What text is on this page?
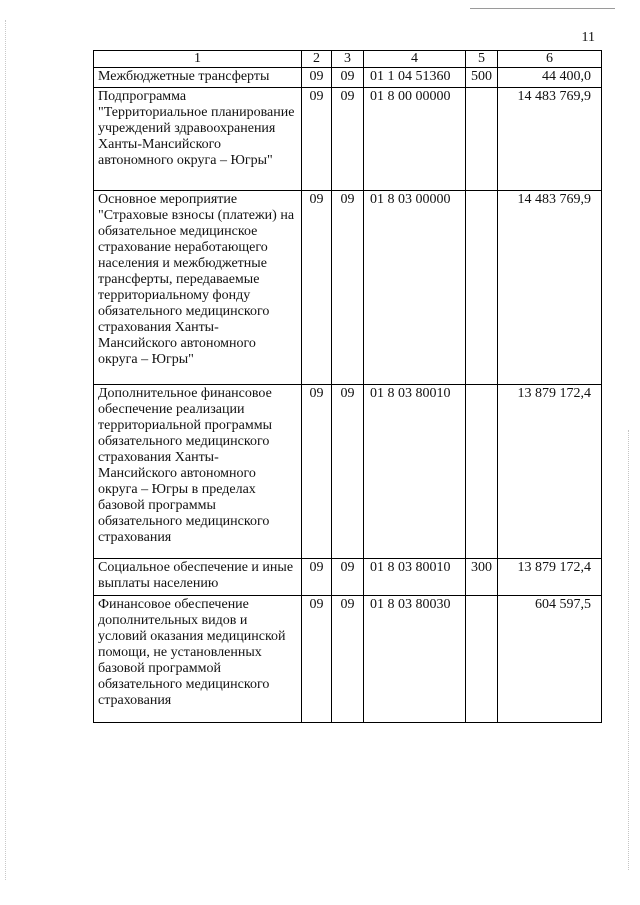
11
1	2	3	4	5	6
Межбюджетные трансферты	09	09	01 1 04 51360	500	44 400,0
Подпрограмма "Территориальное планирование учреждений здравоохранения Ханты-Мансийского автономного округа – Югры"	09	09	01 8 00 00000		14 483 769,9
Основное мероприятие "Страховые взносы (платежи) на обязательное медицинское страхование неработающего населения и межбюджетные трансферты, передаваемые территориальному фонду обязательного медицинского страхования Ханты-Мансийского автономного округа – Югры"	09	09	01 8 03 00000		14 483 769,9
Дополнительное финансовое обеспечение реализации территориальной программы обязательного медицинского страхования Ханты-Мансийского автономного округа – Югры в пределах базовой программы обязательного медицинского страхования	09	09	01 8 03 80010		13 879 172,4
Социальное обеспечение и иные выплаты населению	09	09	01 8 03 80010	300	13 879 172,4
Финансовое обеспечение дополнительных видов и условий оказания медицинской помощи, не установленных базовой программой обязательного медицинского страхования	09	09	01 8 03 80030		604 597,5
